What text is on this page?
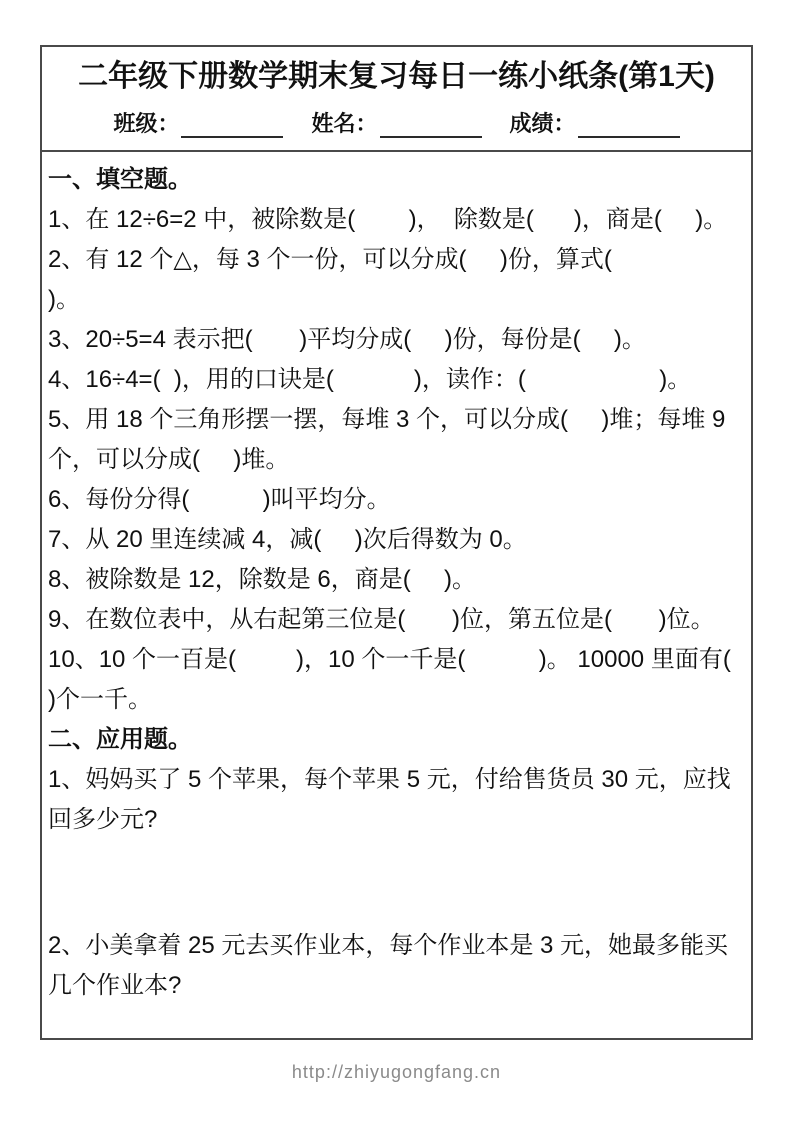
二年级下册数学期末复习每日一练小纸条(第1天)
班级：	姓名：	成绩：
一、填空题。
1、在 12÷6=2 中，被除数是(        )，  除数是(      )，商是(     )。
2、有 12 个△，每 3 个一份，可以分成(     )份，算式(                )。
3、20÷5=4 表示把(       )平均分成(     )份，每份是(     )。
4、16÷4=(  )，用的口诀是(            )，读作：(                    )。
5、用 18 个三角形摆一摆，每堆 3 个，可以分成(     )堆；每堆 9 个，可以分成(     )堆。
6、每份分得(           )叫平均分。
7、从 20 里连续减 4，减(     )次后得数为 0。
8、被除数是 12，除数是 6，商是(     )。
9、在数位表中，从右起第三位是(       )位，第五位是(       )位。
10、10 个一百是(         )，10 个一千是(           )。 10000 里面有(     )个一千。
二、应用题。
1、妈妈买了 5 个苹果，每个苹果 5 元，付给售货员 30 元，应找回多少元?
2、小美拿着 25 元去买作业本，每个作业本是 3 元，她最多能买几个作业本?
http://zhiyugongfang.cn
